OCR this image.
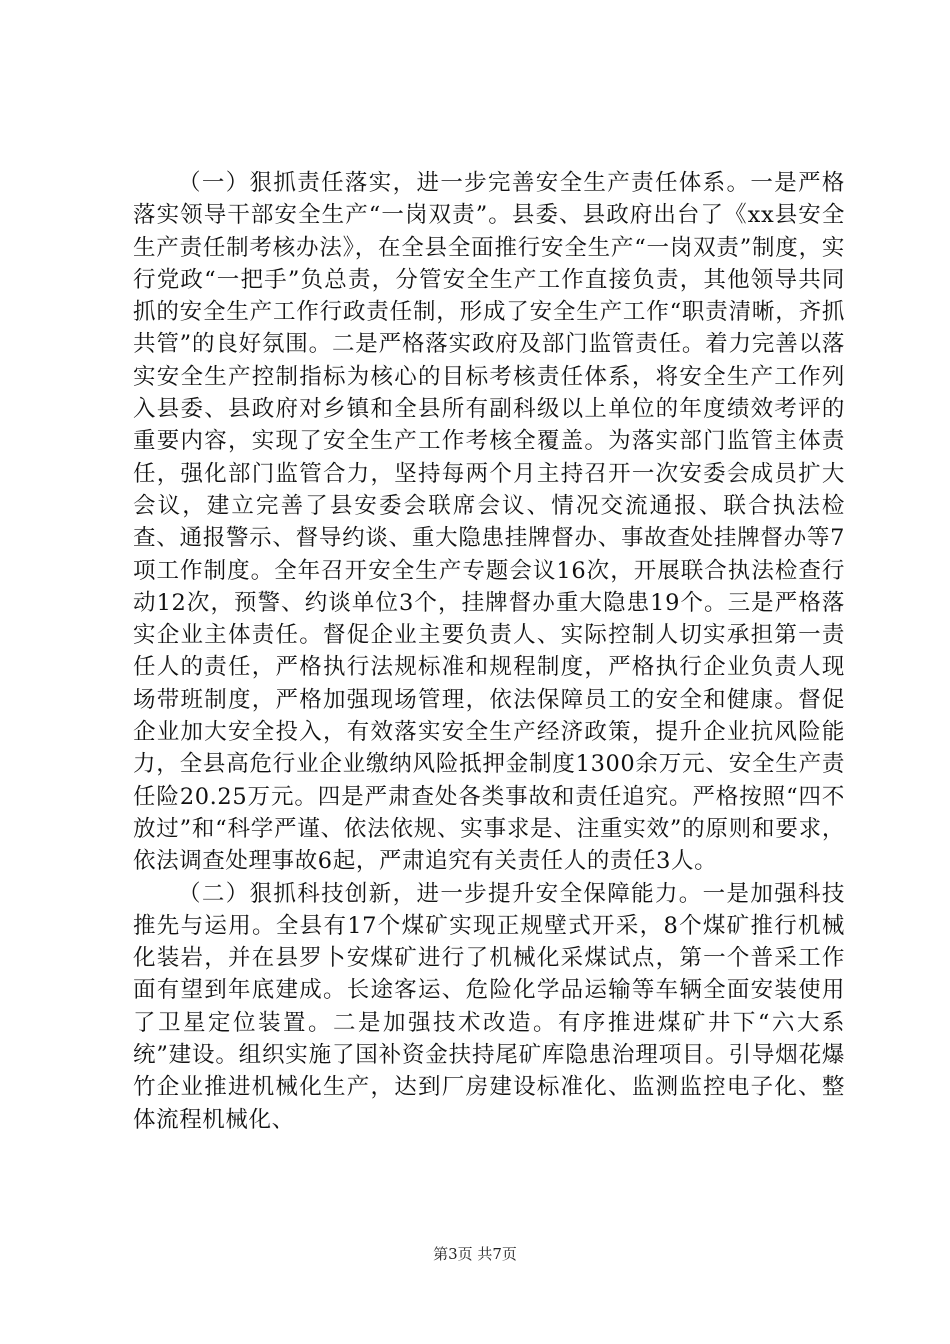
（一）狠抓责任落实，进一步完善安全生产责任体系。一是严格落实领导干部安全生产“一岗双责”。县委、县政府出台了《xx县安全生产责任制考核办法》，在全县全面推行安全生产“一岗双责”制度，实行党政“一把手”负总责，分管安全生产工作直接负责，其他领导共同抓的安全生产工作行政责任制，形成了安全生产工作“职责清晰，齐抓共管”的良好氛围。二是严格落实政府及部门监管责任。着力完善以落实安全生产控制指标为核心的目标考核责任体系，将安全生产工作列入县委、县政府对乡镇和全县所有副科级以上单位的年度绩效考评的重要内容，实现了安全生产工作考核全覆盖。为落实部门监管主体责任，强化部门监管合力，坚持每两个月主持召开一次安委会成员扩大会议，建立完善了县安委会联席会议、情况交流通报、联合执法检查、通报警示、督导约谈、重大隐患挂牌督办、事故查处挂牌督办等7项工作制度。全年召开安全生产专题会议16次，开展联合执法检查行动12次，预警、约谈单位3个，挂牌督办重大隐患19个。三是严格落实企业主体责任。督促企业主要负责人、实际控制人切实承担第一责任人的责任，严格执行法规标准和规程制度，严格执行企业负责人现场带班制度，严格加强现场管理，依法保障员工的安全和健康。督促企业加大安全投入，有效落实安全生产经济政策，提升企业抗风险能力，全县高危行业企业缴纳风险抵押金制度1300余万元、安全生产责任险20.25万元。四是严肃查处各类事故和责任追究。严格按照“四不放过”和“科学严谨、依法依规、实事求是、注重实效”的原则和要求，依法调查处理事故6起，严肃追究有关责任人的责任3人。

（二）狠抓科技创新，进一步提升安全保障能力。一是加强科技推先与运用。全县有17个煤矿实现正规壁式开采，8个煤矿推行机械化装岩，并在县罗卜安煤矿进行了机械化采煤试点，第一个普采工作面有望到年底建成。长途客运、危险化学品运输等车辆全面安装使用了卫星定位装置。二是加强技术改造。有序推进煤矿井下“六大系统”建设。组织实施了国补资金扶持尾矿库隐患治理项目。引导烟花爆竹企业推进机械化生产，达到厂房建设标准化、监测监控电子化、整体流程机械化、

第3页 共7页
